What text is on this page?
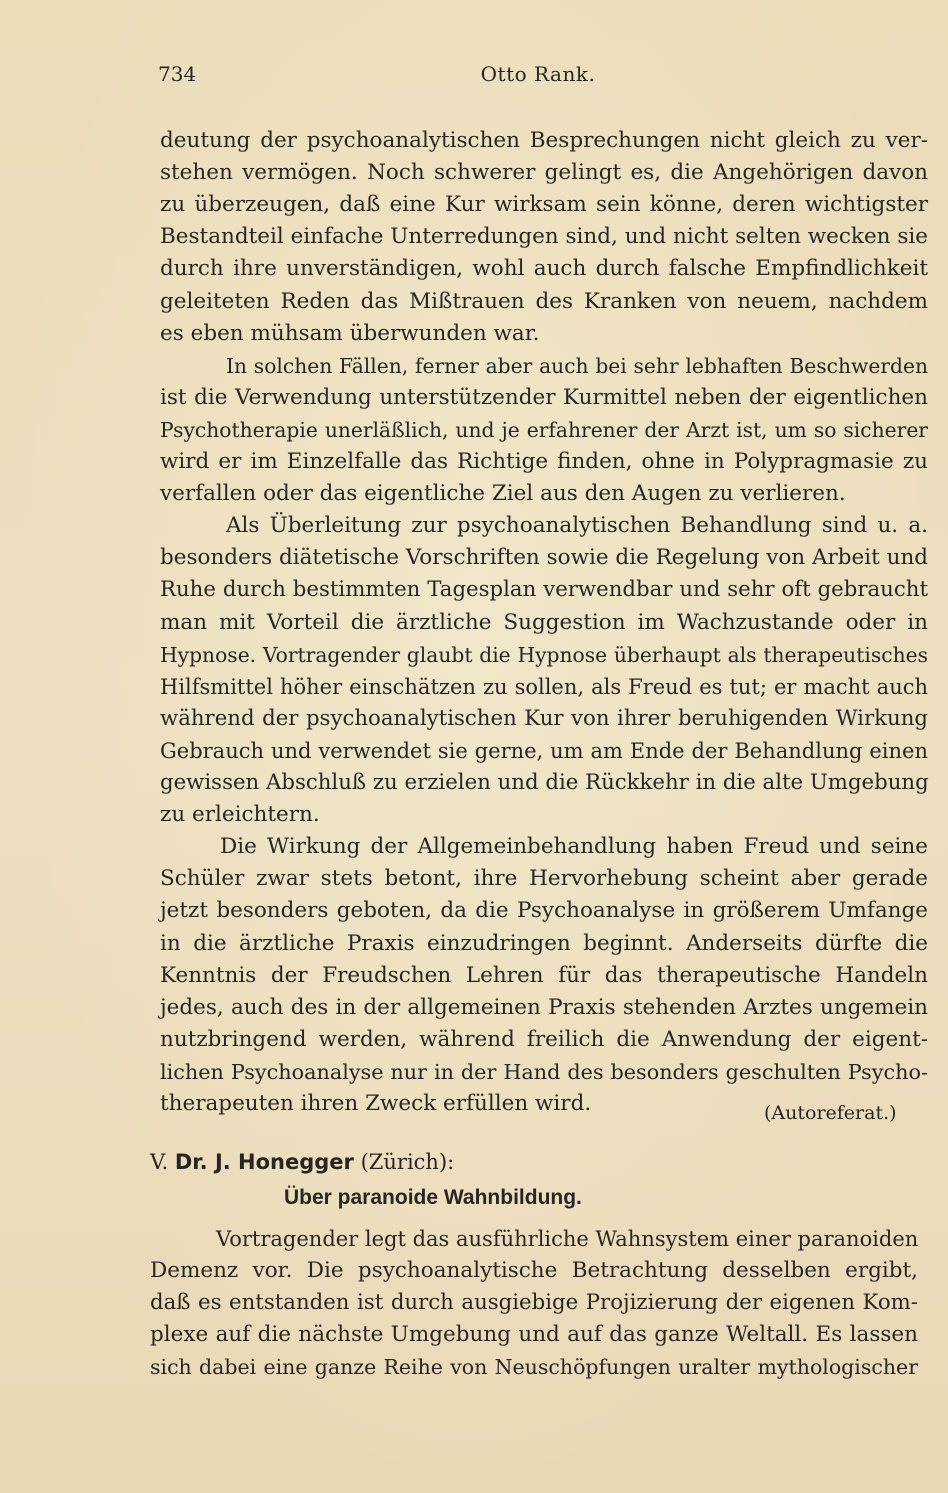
734	Otto Rank.
deutung der psychoanalytischen Besprechungen nicht gleich zu ver-
stehen vermögen. Noch schwerer gelingt es, die Angehörigen davon
zu überzeugen, daß eine Kur wirksam sein könne, deren wichtigster
Bestandteil einfache Unterredungen sind, und nicht selten wecken sie
durch ihre unverständigen, wohl auch durch falsche Empfindlichkeit
geleiteten Reden das Mißtrauen des Kranken von neuem, nachdem
es eben mühsam überwunden war.
In solchen Fällen, ferner aber auch bei sehr lebhaften Beschwerden
ist die Verwendung unterstützender Kurmittel neben der eigentlichen
Psychotherapie unerläßlich, und je erfahrener der Arzt ist, um so sicherer
wird er im Einzelfalle das Richtige finden, ohne in Polypragmasie zu
verfallen oder das eigentliche Ziel aus den Augen zu verlieren.
Als Überleitung zur psychoanalytischen Behandlung sind u. a.
besonders diätetische Vorschriften sowie die Regelung von Arbeit und
Ruhe durch bestimmten Tagesplan verwendbar und sehr oft gebraucht
man mit Vorteil die ärztliche Suggestion im Wachzustande oder in
Hypnose. Vortragender glaubt die Hypnose überhaupt als therapeutisches
Hilfsmittel höher einschätzen zu sollen, als Freud es tut; er macht auch
während der psychoanalytischen Kur von ihrer beruhigenden Wirkung
Gebrauch und verwendet sie gerne, um am Ende der Behandlung einen
gewissen Abschluß zu erzielen und die Rückkehr in die alte Umgebung
zu erleichtern.
Die Wirkung der Allgemeinbehandlung haben Freud und seine
Schüler zwar stets betont, ihre Hervorhebung scheint aber gerade
jetzt besonders geboten, da die Psychoanalyse in größerem Umfange
in die ärztliche Praxis einzudringen beginnt. Anderseits dürfte die
Kenntnis der Freudschen Lehren für das therapeutische Handeln
jedes, auch des in der allgemeinen Praxis stehenden Arztes ungemein
nutzbringend werden, während freilich die Anwendung der eigent-
lichen Psychoanalyse nur in der Hand des besonders geschulten Psycho-
therapeuten ihren Zweck erfüllen wird.	(Autoreferat.)
V. Dr. J. Honegger (Zürich):
Über paranoide Wahnbildung.
Vortragender legt das ausführliche Wahnsystem einer paranoiden
Demenz vor. Die psychoanalytische Betrachtung desselben ergibt,
daß es entstanden ist durch ausgiebige Projizierung der eigenen Kom-
plexe auf die nächste Umgebung und auf das ganze Weltall. Es lassen
sich dabei eine ganze Reihe von Neuschöpfungen uralter mythologischer
